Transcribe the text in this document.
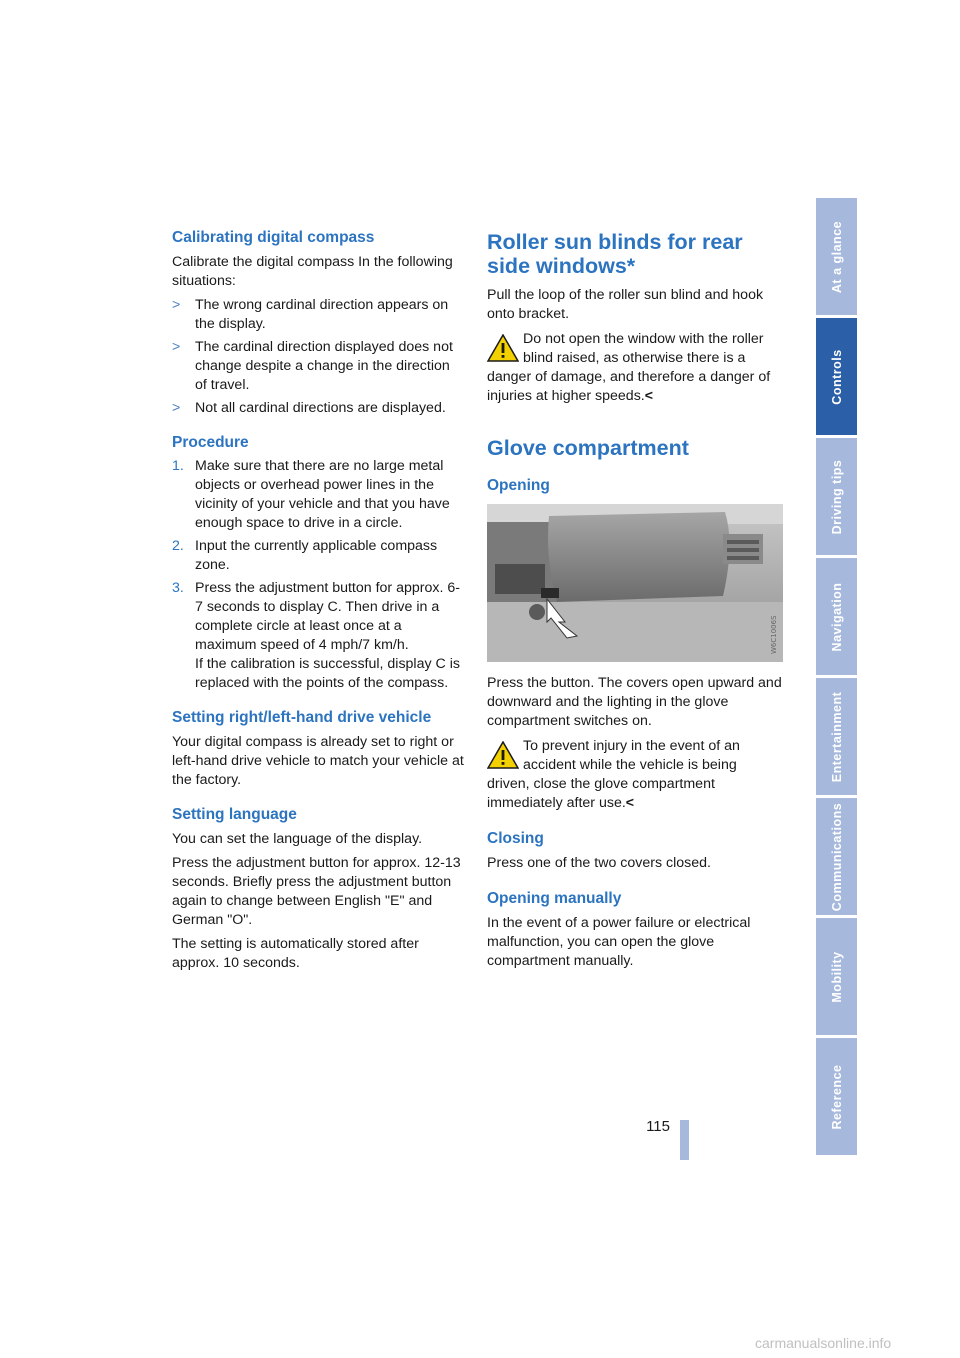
Calibrating digital compass

Calibrate the digital compass In the following situations:

> The wrong cardinal direction appears on the display.
> The cardinal direction displayed does not change despite a change in the direction of travel.
> Not all cardinal directions are displayed.
Procedure
1. Make sure that there are no large metal objects or overhead power lines in the vicinity of your vehicle and that you have enough space to drive in a circle.
2. Input the currently applicable compass zone.
3. Press the adjustment button for approx. 6-7 seconds to display C. Then drive in a complete circle at least once at a maximum speed of 4 mph/7 km/h.
If the calibration is successful, display C is replaced with the points of the compass.
Setting right/left-hand drive vehicle

Your digital compass is already set to right or left-hand drive vehicle to match your vehicle at the factory.

Setting language

You can set the language of the display.

Press the adjustment button for approx. 12-13 seconds. Briefly press the adjustment button again to change between English "E" and German "O".

The setting is automatically stored after approx. 10 seconds.

Roller sun blinds for rear side windows*

Pull the loop of the roller sun blind and hook onto bracket.

Do not open the window with the roller blind raised, as otherwise there is a danger of damage, and therefore a danger of injuries at higher speeds.<
Glove compartment
Opening
W6C1006S

Press the button. The covers open upward and downward and the lighting in the glove compartment switches on.

To prevent injury in the event of an accident while the vehicle is being driven, close the glove compartment immediately after use.<
Closing

Press one of the two covers closed.

Opening manually

In the event of a power failure or electrical malfunction, you can open the glove compartment manually.

At a glance
Controls
Driving tips
Navigation
Entertainment
Communications
Mobility
Reference
115
carmanualsonline.info
